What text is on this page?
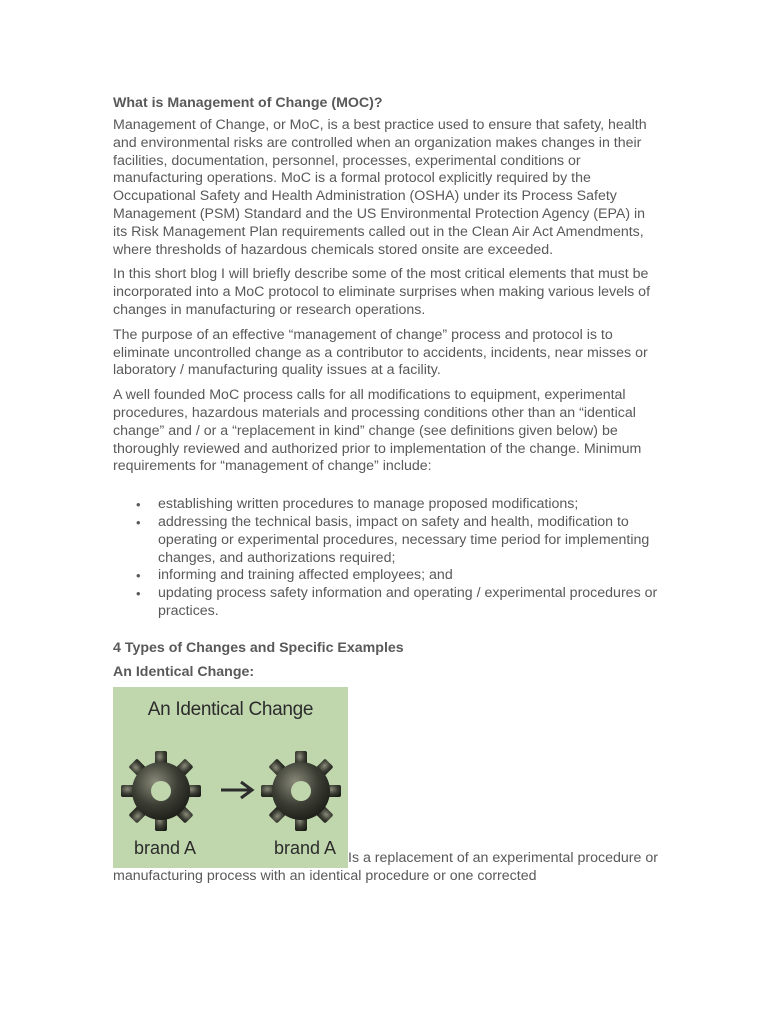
What is Management of Change (MOC)?

Management of Change, or MoC, is a best practice used to ensure that safety, health and environmental risks are controlled when an organization makes changes in their facilities, documentation, personnel, processes, experimental conditions or manufacturing operations. MoC is a formal protocol explicitly required by the Occupational Safety and Health Administration (OSHA) under its Process Safety Management (PSM) Standard and the US Environmental Protection Agency (EPA) in its Risk Management Plan requirements called out in the Clean Air Act Amendments, where thresholds of hazardous chemicals stored onsite are exceeded.

In this short blog I will briefly describe some of the most critical elements that must be incorporated into a MoC protocol to eliminate surprises when making various levels of changes in manufacturing or research operations.

The purpose of an effective “management of change” process and protocol is to eliminate uncontrolled change as a contributor to accidents, incidents, near misses or laboratory / manufacturing quality issues at a facility.

A well founded MoC process calls for all modifications to equipment, experimental procedures, hazardous materials and processing conditions other than an “identical change” and / or a “replacement in kind” change (see definitions given below) be thoroughly reviewed and authorized prior to implementation of the change. Minimum requirements for “management of change” include:

• establishing written procedures to manage proposed modifications;
• addressing the technical basis, impact on safety and health, modification to operating or experimental procedures, necessary time period for implementing changes, and authorizations required;
• informing and training affected employees; and
• updating process safety information and operating / experimental procedures or practices.
4 Types of Changes and Specific Examples
An Identical Change:
An Identical Change
brand A	brand A
Is a replacement of an experimental procedure or manufacturing process with an identical procedure or one corrected
